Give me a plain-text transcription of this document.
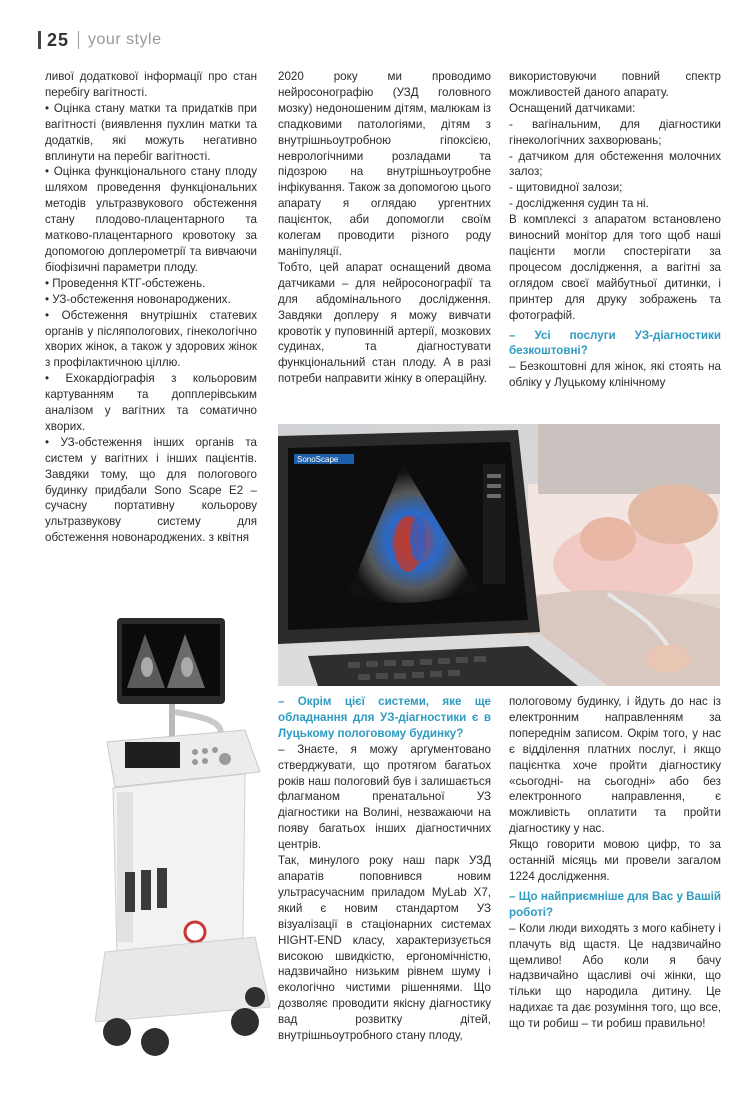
25 your style

ливої додаткової інформації про стан перебігу вагітності.

• Оцінка стану матки та придатків при вагітності (виявлення пухлин матки та додатків, які можуть негативно вплинути на перебіг вагітності.

• Оцінка функціонального стану плоду шляхом проведення функціональних методів ультразвукового обстеження стану плодово-плацентарного та матково-плацентарного кровотоку за допомогою доплерометрії та вивчаючи біофізичні параметри плоду.

• Проведення КТГ-обстежень.

• УЗ-обстеження новонароджених.

• Обстеження внутрішніх статевих органів у післяпологових, гінекологічно хворих жінок, а також у здорових жінок з профілактичною ціллю.

• Ехокардіографія з кольоровим картуванням та допплерівським аналізом у вагітних та соматично хворих.

• УЗ-обстеження інших органів та систем у вагітних і інших пацієнтів. Завдяки тому, що для пологового будинку придбали Sono Scape E2 – сучасну портативну кольорову ультразвукову систему для обстеження новонароджених. з квітня

2020 року ми проводимо нейросонографію (УЗД головного мозку) недоношеним дітям, малюкам із спадковими патологіями, дітям з внутрішньоутробною гіпоксією, неврологічними розладами та підозрою на внутрішньоутробне інфікування. Також за допомогою цього апарату я оглядаю ургентних пацієнток, аби допомогли своїм колегам проводити різного роду маніпуляції.

Тобто, цей апарат оснащений двома датчиками – для нейросонографії та для абдомінального дослідження. Завдяки доплеру я можу вивчати кровотік у пуповинній артерії, мозкових судинах, та діагностувати функціональний стан плоду. А в разі потреби направити жінку в операційну.

використовуючи повний спектр можливостей даного апарату.

Оснащений датчиками:

- вагінальним, для діагностики гінекологічних захворювань;

- датчиком для обстеження молочних залоз;

- щитовидної залози;

- дослідження судин та ні.

В комплексі з апаратом встановлено виносний монітор для того щоб наші пацієнти могли спостерігати за процесом дослідження, а вагітні за оглядом своєї майбутньої дитинки, і принтер для друку зображень та фотографій.

– Усі послуги УЗ-діагностики безкоштовні?

– Безкоштовні для жінок, які стоять на обліку у Луцькому клінічному

SonoScape

– Окрім цієї системи, яке ще обладнання для УЗ-діагностики є в Луцькому пологовому будинку?

– Знаєте, я можу аргументовано стверджувати, що протягом багатьох років наш пологовий був і залишається флагманом пренатальної УЗ діагностики на Волині, незважаючи на появу багатьох інших діагностичних центрів.

Так, минулого року наш парк УЗД апаратів поповнився новим ультрасучасним приладом MyLab X7, який є новим стандартом УЗ візуалізації в стаціонарних системах HIGHT-END класу, характеризується високою швидкістю, ергономічністю, надзвичайно низьким рівнем шуму і екологічно чистими рішеннями. Що дозволяє проводити якісну діагностику вад розвитку дітей, внутрішньоутробного стану плоду,

пологовому будинку, і йдуть до нас із електронним направленням за попереднім записом. Окрім того, у нас є відділення платних послуг, і якщо пацієнтка хоче пройти діагностику «сьогодні- на сьогодні» або без електронного направлення, є можливість оплатити та пройти діагностику у нас.

Якщо говорити мовою цифр, то за останній місяць ми провели загалом 1224 дослідження.

– Що найприємніше для Вас у Вашій роботі?

– Коли люди виходять з мого кабінету і плачуть від щастя. Це надзвичайно щемливо! Або коли я бачу надзвичайно щасливі очі жінки, що тільки що народила дитину. Це надихає та дає розуміння того, що все, що ти робиш – ти робиш правильно!
